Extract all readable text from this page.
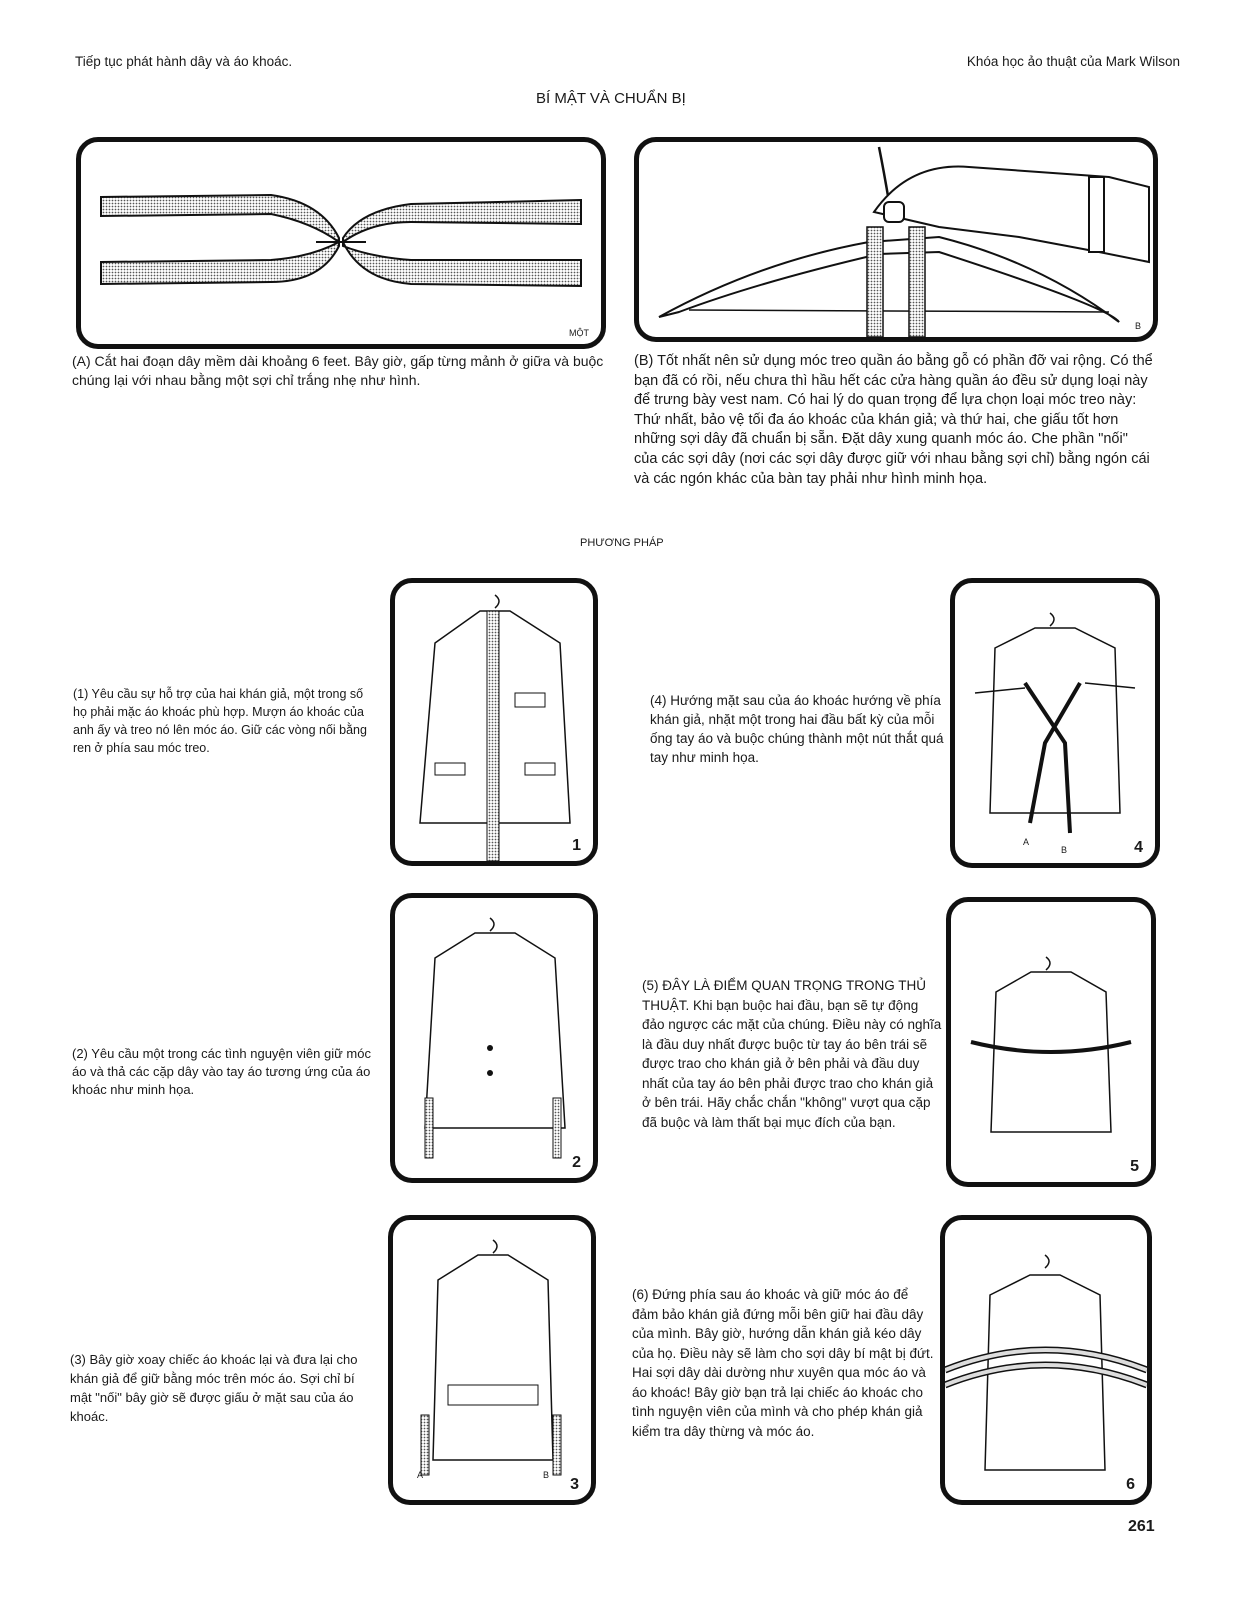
Tiếp tục phát hành dây và áo khoác.	Khóa học ảo thuật của Mark Wilson
BÍ MẬT VÀ CHUẨN BỊ
MỘT
B
(A) Cắt hai đoạn dây mềm dài khoảng 6 feet. Bây giờ, gấp từng mảnh ở giữa và buộc chúng lại với nhau bằng một sợi chỉ trắng nhẹ như hình.
(B) Tốt nhất nên sử dụng móc treo quần áo bằng gỗ có phần đỡ vai rộng. Có thể bạn đã có rồi, nếu chưa thì hầu hết các cửa hàng quần áo đều sử dụng loại này để trưng bày vest nam. Có hai lý do quan trọng để lựa chọn loại móc treo này: Thứ nhất, bảo vệ tối đa áo khoác của khán giả; và thứ hai, che giấu tốt hơn những sợi dây đã chuẩn bị sẵn. Đặt dây xung quanh móc áo. Che phần "nối" của các sợi dây (nơi các sợi dây được giữ với nhau bằng sợi chỉ) bằng ngón cái và các ngón khác của bàn tay phải như hình minh họa.
PHƯƠNG PHÁP
1
2
A	B
3
A
B	4
5
6
(1) Yêu cầu sự hỗ trợ của hai khán giả, một trong số họ phải mặc áo khoác phù hợp. Mượn áo khoác của anh ấy và treo nó lên móc áo. Giữ các vòng nối bằng ren ở phía sau móc treo.
(2) Yêu cầu một trong các tình nguyện viên giữ móc áo và thả các cặp dây vào tay áo tương ứng của áo khoác như minh họa.
(3) Bây giờ xoay chiếc áo khoác lại và đưa lại cho khán giả để giữ bằng móc trên móc áo. Sợi chỉ bí mật "nối" bây giờ sẽ được giấu ở mặt sau của áo khoác.
(4) Hướng mặt sau của áo khoác hướng về phía khán giả, nhặt một trong hai đầu bất kỳ của mỗi ống tay áo và buộc chúng thành một nút thắt quá tay như minh họa.
(5) ĐÂY LÀ ĐIỂM QUAN TRỌNG TRONG THỦ THUẬT. Khi bạn buộc hai đầu, bạn sẽ tự động đảo ngược các mặt của chúng. Điều này có nghĩa là đầu duy nhất được buộc từ tay áo bên trái sẽ được trao cho khán giả ở bên phải và đầu duy nhất của tay áo bên phải được trao cho khán giả ở bên trái. Hãy chắc chắn "không" vượt qua cặp đã buộc và làm thất bại mục đích của bạn.
(6) Đứng phía sau áo khoác và giữ móc áo để đảm bảo khán giả đứng mỗi bên giữ hai đầu dây của mình. Bây giờ, hướng dẫn khán giả kéo dây của họ. Điều này sẽ làm cho sợi dây bí mật bị đứt. Hai sợi dây dài dường như xuyên qua móc áo và áo khoác! Bây giờ bạn trả lại chiếc áo khoác cho tình nguyện viên của mình và cho phép khán giả kiểm tra dây thừng và móc áo.
261
